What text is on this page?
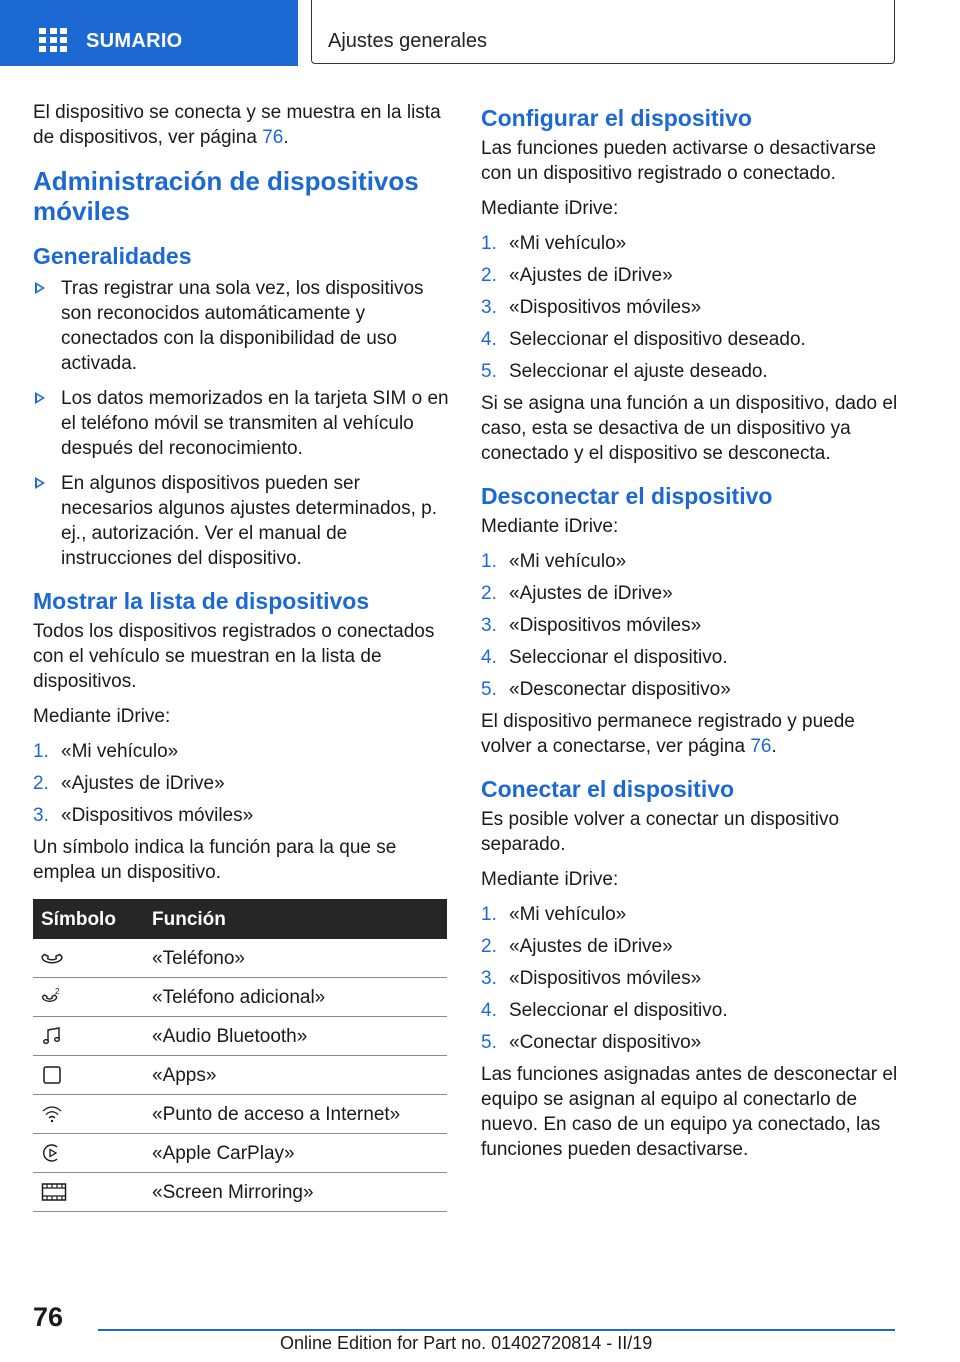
SUMARIO	Ajustes generales

El dispositivo se conecta y se muestra en la lista de dispositivos, ver página 76.

Administración de dispositivos móviles
Generalidades
Tras registrar una sola vez, los dispositivos son reconocidos automáticamente y conectados con la disponibilidad de uso activada.
Los datos memorizados en la tarjeta SIM o en el teléfono móvil se transmiten al vehículo después del reconocimiento.
En algunos dispositivos pueden ser necesarios algunos ajustes determinados, p. ej., autorización. Ver el manual de instrucciones del dispositivo.
Mostrar la lista de dispositivos

Todos los dispositivos registrados o conectados con el vehículo se muestran en la lista de dispositivos.

Mediante iDrive:

1. «Mi vehículo»
2. «Ajustes de iDrive»
3. «Dispositivos móviles»

Un símbolo indica la función para la que se emplea un dispositivo.

Símbolo	Función
	«Teléfono»

2	«Teléfono adicional»
	«Audio Bluetooth»
	«Apps»
	«Punto de acceso a Internet»
	«Apple CarPlay»
	«Screen Mirroring»
Configurar el dispositivo

Las funciones pueden activarse o desactivarse con un dispositivo registrado o conectado.

Mediante iDrive:

1. «Mi vehículo»
2. «Ajustes de iDrive»
3. «Dispositivos móviles»
4. Seleccionar el dispositivo deseado.
5. Seleccionar el ajuste deseado.

Si se asigna una función a un dispositivo, dado el caso, esta se desactiva de un dispositivo ya conectado y el dispositivo se desconecta.

Desconectar el dispositivo

Mediante iDrive:

1. «Mi vehículo»
2. «Ajustes de iDrive»
3. «Dispositivos móviles»
4. Seleccionar el dispositivo.
5. «Desconectar dispositivo»

El dispositivo permanece registrado y puede volver a conectarse, ver página 76.

Conectar el dispositivo

Es posible volver a conectar un dispositivo separado.

Mediante iDrive:

1. «Mi vehículo»
2. «Ajustes de iDrive»
3. «Dispositivos móviles»
4. Seleccionar el dispositivo.
5. «Conectar dispositivo»

Las funciones asignadas antes de desconectar el equipo se asignan al equipo al conectarlo de nuevo. En caso de un equipo ya conectado, las funciones pueden desactivarse.

76
Online Edition for Part no. 01402720814 - II/19
